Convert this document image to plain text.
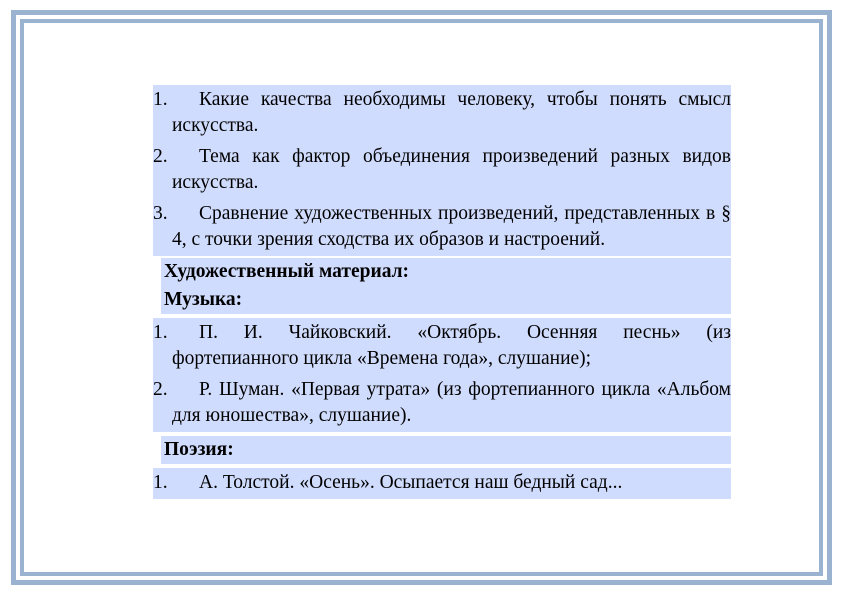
1. Какие качества необходимы человеку, чтобы понять смысл искусства.
2. Тема как фактор объединения произведений разных видов искусства.
3. Сравнение художественных произведений, представленных в § 4, с точки зрения сходства их образов и настроений.
Художественный материал:
Музыка:
1. П. И. Чайковский. «Октябрь. Осенняя песнь» (из фортепианного цикла «Времена года», слушание);
2. Р. Шуман. «Первая утрата» (из фортепианного цикла «Альбом для юношества», слушание).
Поэзия:
1. А. Толстой. «Осень». Осыпается наш бедный сад...
